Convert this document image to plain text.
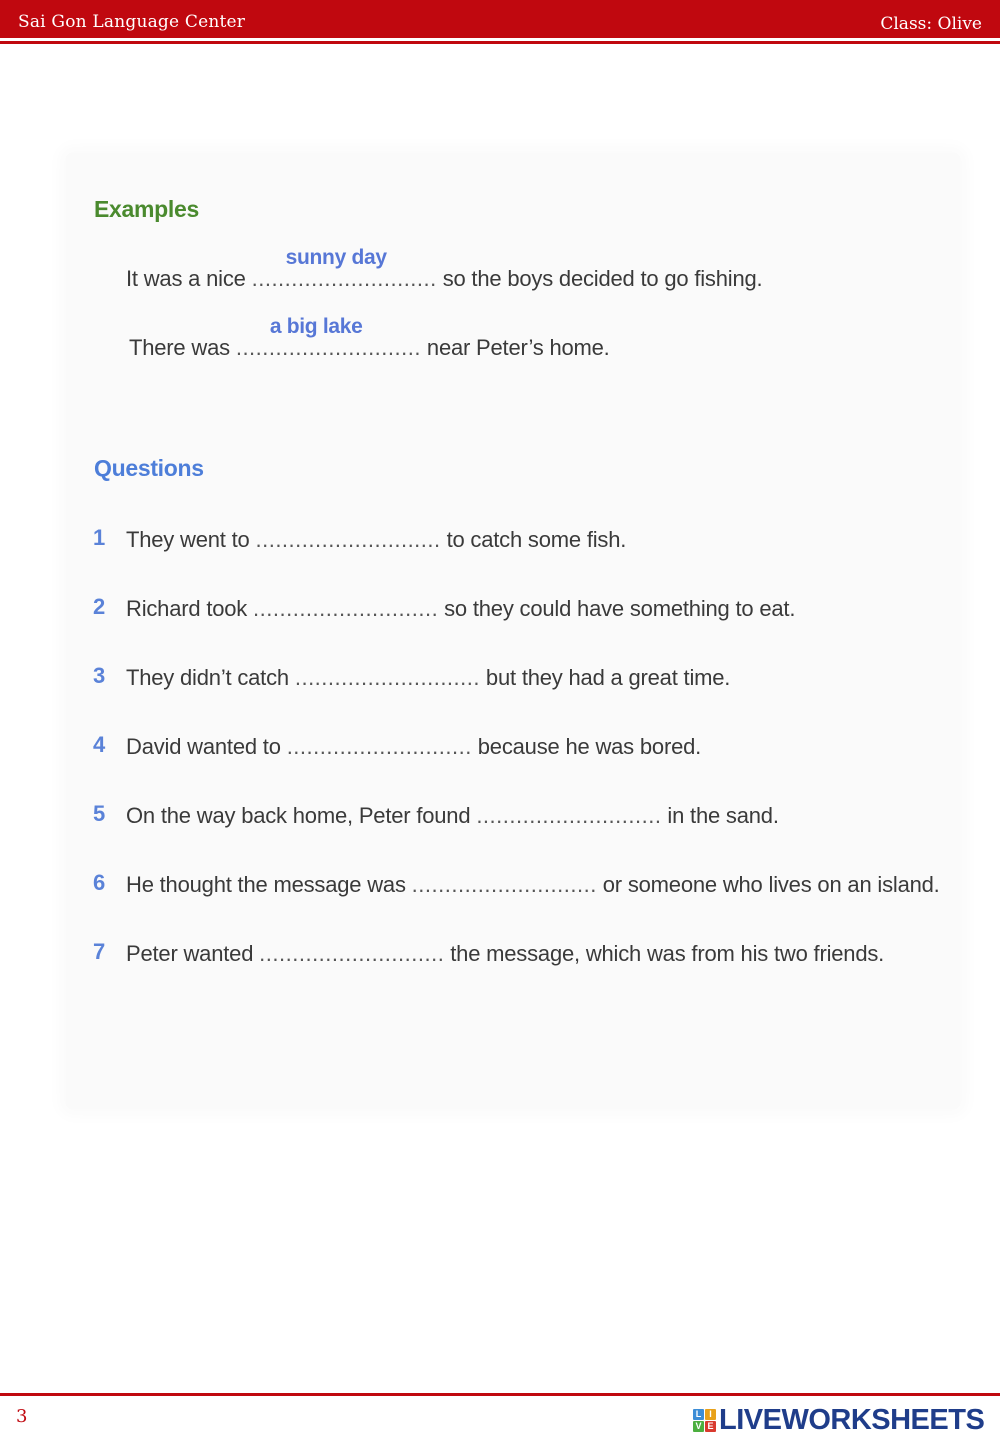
Sai Gon Language Center	Class: Olive
Examples
It was a nice ............................
sunny day
so the boys decided to go fishing.
There was ............................
a big lake
near Peter’s home.
Questions
1 They went to ............................ to catch some fish.
2 Richard took ............................ so they could have something to eat.
3 They didn’t catch ............................ but they had a great time.
4 David wanted to ............................ because he was bored.
5 On the way back home, Peter found ............................ in the sand.
6 He thought the message was ............................ or someone who lives on an island.
7 Peter wanted ............................ the message, which was from his two friends.
3	L I
V E LIVEWORKSHEETS
